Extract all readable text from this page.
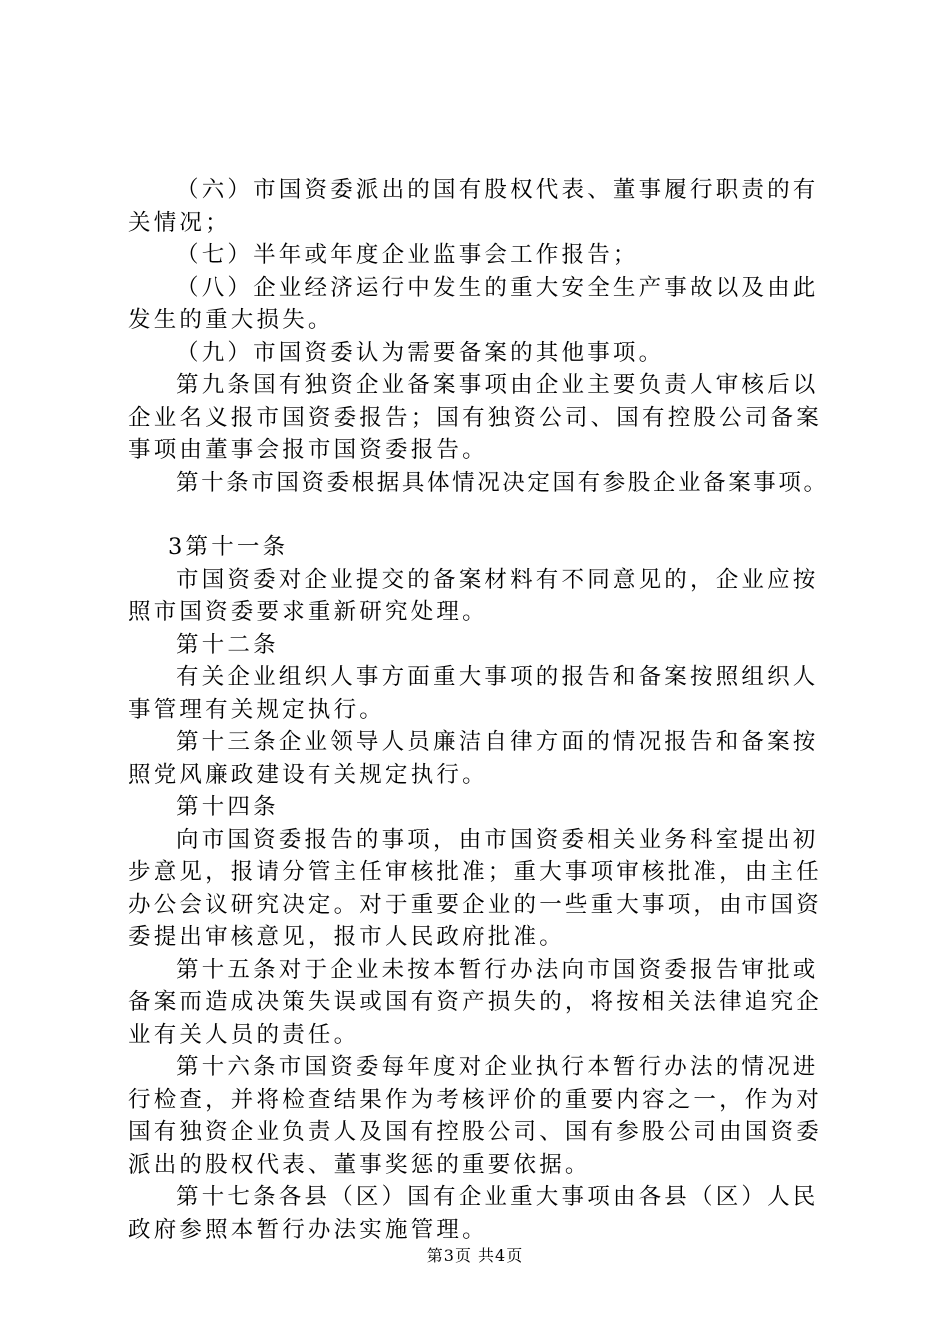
（六）市国资委派出的国有股权代表、董事履行职责的有关情况；

（七）半年或年度企业监事会工作报告；

（八）企业经济运行中发生的重大安全生产事故以及由此发生的重大损失。

（九）市国资委认为需要备案的其他事项。

第九条国有独资企业备案事项由企业主要负责人审核后以企业名义报市国资委报告；国有独资公司、国有控股公司备案事项由董事会报市国资委报告。

第十条市国资委根据具体情况决定国有参股企业备案事项。

3第十一条

市国资委对企业提交的备案材料有不同意见的，企业应按照市国资委要求重新研究处理。

第十二条

有关企业组织人事方面重大事项的报告和备案按照组织人事管理有关规定执行。

第十三条企业领导人员廉洁自律方面的情况报告和备案按照党风廉政建设有关规定执行。

第十四条

向市国资委报告的事项，由市国资委相关业务科室提出初步意见，报请分管主任审核批准；重大事项审核批准，由主任办公会议研究决定。对于重要企业的一些重大事项，由市国资委提出审核意见，报市人民政府批准。

第十五条对于企业未按本暂行办法向市国资委报告审批或备案而造成决策失误或国有资产损失的，将按相关法律追究企业有关人员的责任。

第十六条市国资委每年度对企业执行本暂行办法的情况进行检查，并将检查结果作为考核评价的重要内容之一，作为对国有独资企业负责人及国有控股公司、国有参股公司由国资委派出的股权代表、董事奖惩的重要依据。

第十七条各县（区）国有企业重大事项由各县（区）人民政府参照本暂行办法实施管理。

第3页 共4页
